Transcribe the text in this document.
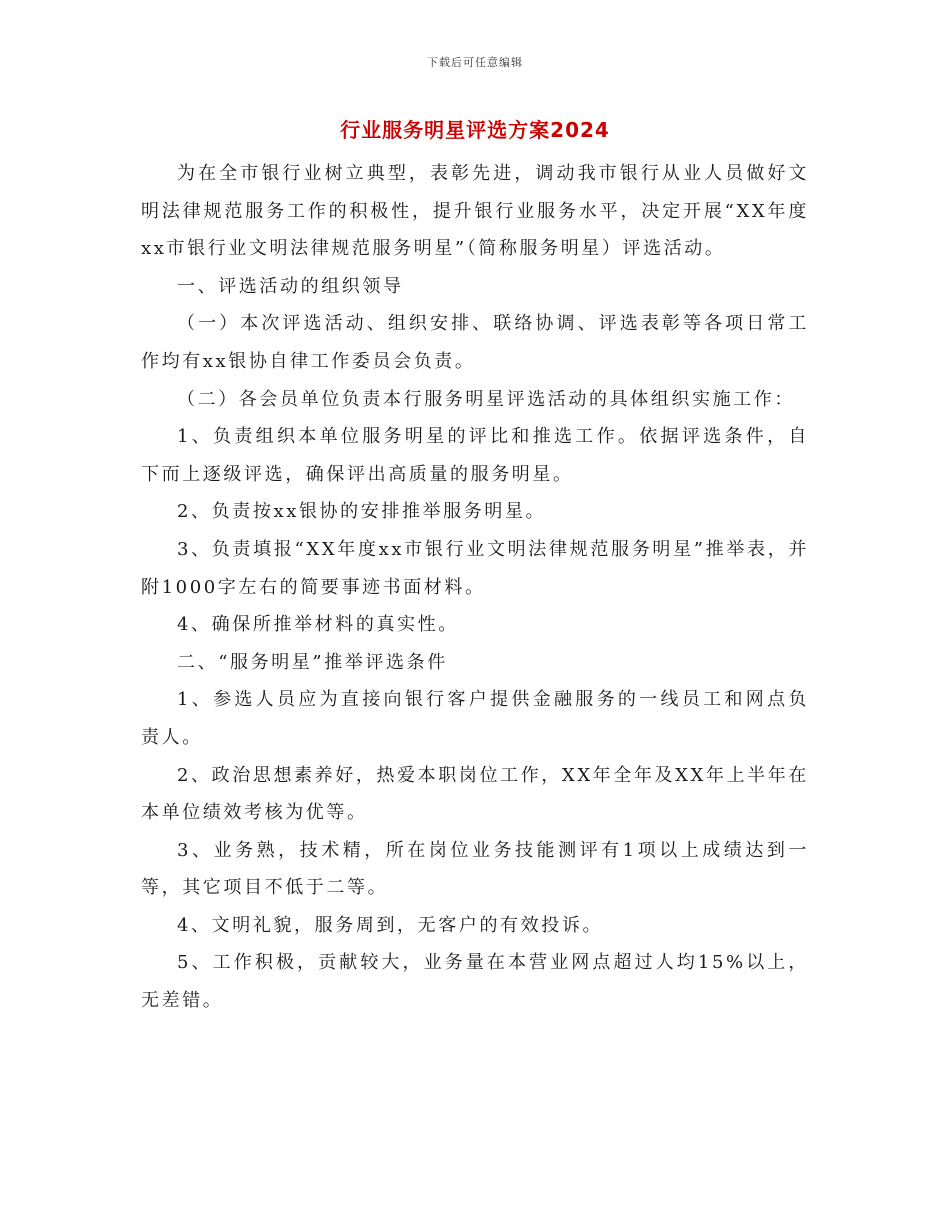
下载后可任意编辑
行业服务明星评选方案2024

为在全市银行业树立典型，表彰先进，调动我市银行从业人员做好文明法律规范服务工作的积极性，提升银行业服务水平，决定开展“XX年度xx市银行业文明法律规范服务明星”（简称服务明星）评选活动。

一、评选活动的组织领导

（一）本次评选活动、组织安排、联络协调、评选表彰等各项日常工作均有xx银协自律工作委员会负责。

（二）各会员单位负责本行服务明星评选活动的具体组织实施工作：

1、负责组织本单位服务明星的评比和推选工作。依据评选条件，自下而上逐级评选，确保评出高质量的服务明星。

2、负责按xx银协的安排推举服务明星。

3、负责填报“XX年度xx市银行业文明法律规范服务明星”推举表，并附1000字左右的简要事迹书面材料。

4、确保所推举材料的真实性。

二、“服务明星”推举评选条件

1、参选人员应为直接向银行客户提供金融服务的一线员工和网点负责人。

2、政治思想素养好，热爱本职岗位工作，XX年全年及XX年上半年在本单位绩效考核为优等。

3、业务熟，技术精，所在岗位业务技能测评有1项以上成绩达到一等，其它项目不低于二等。

4、文明礼貌，服务周到，无客户的有效投诉。

5、工作积极，贡献较大，业务量在本营业网点超过人均15%以上，无差错。
